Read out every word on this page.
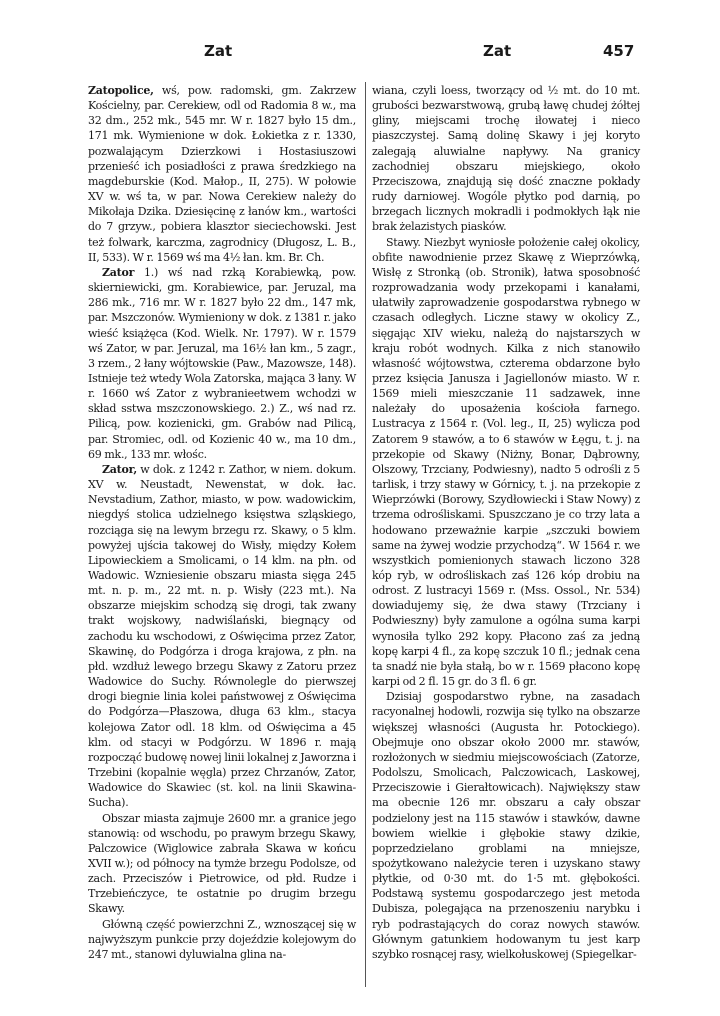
Zat	Zat	457

Zatopolice, wś, pow. radomski, gm. Zakrzew Kościelny, par. Cerekiew, odl od Radomia 8 w., ma 32 dm., 252 mk., 545 mr. W r. 1827 było 15 dm., 171 mk. Wymienione w dok. Łokietka z r. 1330, pozwalającym Dzierzkowi i Hostasiuszowi przenieść ich posiadłości z prawa średzkiego na magdeburskie (Kod. Małop., II, 275). W połowie XV w. wś ta, w par. Nowa Cerekiew należy do Mikołaja Dzika. Dziesięcinę z łanów km., wartości do 7 grzyw., pobiera klasztor sieciechowski. Jest też folwark, karczma, zagrodnicy (Długosz, L. B., II, 533). W r. 1569 wś ma 4½ łan. km. Br. Ch.

Zator 1.) wś nad rzką Korabiewką, pow. skierniewicki, gm. Korabiewice, par. Jeruzal, ma 286 mk., 716 mr. W r. 1827 było 22 dm., 147 mk, par. Mszczonów. Wymieniony w dok. z 1381 r. jako wieść książęca (Kod. Wielk. Nr. 1797). W r. 1579 wś Zator, w par. Jeruzal, ma 16½ łan km., 5 zagr., 3 rzem., 2 łany wójtowskie (Paw., Mazowsze, 148). Istnieje też wtedy Wola Zatorska, mająca 3 łany. W r. 1660 wś Zator z wybranieetwem wchodzi w skład sstwa mszczonowskiego. 2.) Z., wś nad rz. Pilicą, pow. kozienicki, gm. Grabów nad Pilicą, par. Stromiec, odl. od Kozienic 40 w., ma 10 dm., 69 mk., 133 mr. włośc.

Zator, w dok. z 1242 r. Zathor, w niem. dokum. XV w. Neustadt, Newenstat, w dok. łac. Nevstadium, Zathor, miasto, w pow. wadowickim, niegdyś stolica udzielnego księstwa szląskiego, rozciąga się na lewym brzegu rz. Skawy, o 5 klm. powyżej ujścia takowej do Wisły, między Kołem Lipowieckiem a Smolicami, o 14 klm. na płn. od Wadowic. Wzniesienie obszaru miasta sięga 245 mt. n. p. m., 22 mt. n. p. Wisły (223 mt.). Na obszarze miejskim schodzą się drogi, tak zwany trakt wojskowy, nadwiślański, biegnący od zachodu ku wschodowi, z Oświęcima przez Zator, Skawinę, do Podgórza i droga krajowa, z płn. na płd. wzdłuż lewego brzegu Skawy z Zatoru przez Wadowice do Suchy. Równolegle do pierwszej drogi biegnie linia kolei państwowej z Oświęcima do Podgórza—Płaszowa, długa 63 klm., stacya kolejowa Zator odl. 18 klm. od Oświęcima a 45 klm. od stacyi w Podgórzu. W 1896 r. mają rozpocząć budowę nowej linii lokalnej z Jaworzna i Trzebini (kopalnie węgla) przez Chrzanów, Zator, Wadowice do Skawiec (st. kol. na linii Skawina-Sucha).

Obszar miasta zajmuje 2600 mr. a granice jego stanowią: od wschodu, po prawym brzegu Skawy, Palczowice (Wiglowice zabrała Skawa w końcu XVII w.); od północy na tymże brzegu Podolsze, od zach. Przeciszów i Pietrowice, od płd. Rudze i Trzebieńczyce, te ostatnie po drugim brzegu Skawy.

Główną część powierzchni Z., wznoszącej się w najwyższym punkcie przy dojeździe kolejowym do 247 mt., stanowi dyluwialna glina na-

wiana, czyli loess, tworzący od ½ mt. do 10 mt. grubości bezwarstwową, grubą ławę chudej żółtej gliny, miejscami trochę iłowatej i nieco piaszczystej. Samą dolinę Skawy i jej koryto zalegają aluwialne napływy. Na granicy zachodniej obszaru miejskiego, około Przeciszowa, znajdują się dość znaczne pokłady rudy darniowej. Wogóle płytko pod darnią, po brzegach licznych mokradli i podmokłych łąk nie brak żelazistych piasków.

Stawy. Niezbyt wyniosłe położenie całej okolicy, obfite nawodnienie przez Skawę z Wieprzówką, Wisłę z Stronką (ob. Stronik), łatwa sposobność rozprowadzania wody przekopami i kanałami, ułatwiły zaprowadzenie gospodarstwa rybnego w czasach odległych. Liczne stawy w okolicy Z., sięgając XIV wieku, należą do najstarszych w kraju robót wodnych. Kilka z nich stanowiło własność wójtowstwa, czteremа obdarzone było przez księcia Janusza i Jagiellonów miasto. W r. 1569 mieli mieszczanie 11 sadzawek, inne należały do uposażenia kościoła farnego. Lustracya z 1564 r. (Vol. leg., II, 25) wylicza pod Zatorem 9 stawów, a to 6 stawów w Łęgu, t. j. na przekopie od Skawy (Niżny, Bonar, Dąbrowny, Olszowy, Trzciany, Podwiesny), nadto 5 odrośli z 5 tarlisk, i trzy stawy w Górnicy, t. j. na przekopie z Wieprzówki (Borowy, Szydłowiecki i Staw Nowy) z trzema odrośliskami. Spuszczano je co trzy lata a hodowano przeważnie karpie „szczuki bowiem same na żywej wodzie przychodzą“. W 1564 r. we wszystkich pomienionych stawach liczono 328 kóp ryb, w odrośliskach zaś 126 kóp drobiu na odrost. Z lustracyi 1569 r. (Mss. Ossol., Nr. 534) dowiadujemy się, że dwa stawy (Trzciany i Podwieszny) były zamulone a ogólna suma karpi wynosiła tylko 292 kopy. Płacono zaś za jedną kopę karpi 4 fl., za kopę szczuk 10 fl.; jednak cena ta snadź nie była stałą, bo w r. 1569 płacono kopę karpi od 2 fl. 15 gr. do 3 fl. 6 gr.

Dzisiaj gospodarstwo rybne, na zasadach racyonalnej hodowli, rozwija się tylko na obszarze większej własności (Augusta hr. Potockiego). Obejmuje ono obszar około 2000 mr. stawów, rozłożonych w siedmiu miejscowościach (Zatorze, Podolszu, Smolicach, Palczowicach, Laskowej, Przeciszowie i Gierałtowicach). Największy staw ma obecnie 126 mr. obszaru a cały obszar podzielony jest na 115 stawów i stawków, dawne bowiem wielkie i głębokie stawy dzikie, poprzedzielano groblami na mniejsze, spożytkowano należycie teren i uzyskano stawy płytkie, od 0·30 mt. do 1·5 mt. głębokości. Podstawą systemu gospodarczego jest metoda Dubisza, polegająca na przenoszeniu narybku i ryb podrastających do coraz nowych stawów. Głównym gatunkiem hodowanym tu jest karp szybko rosnącej rasy, wielkołuskowej (Spiegelkar-
